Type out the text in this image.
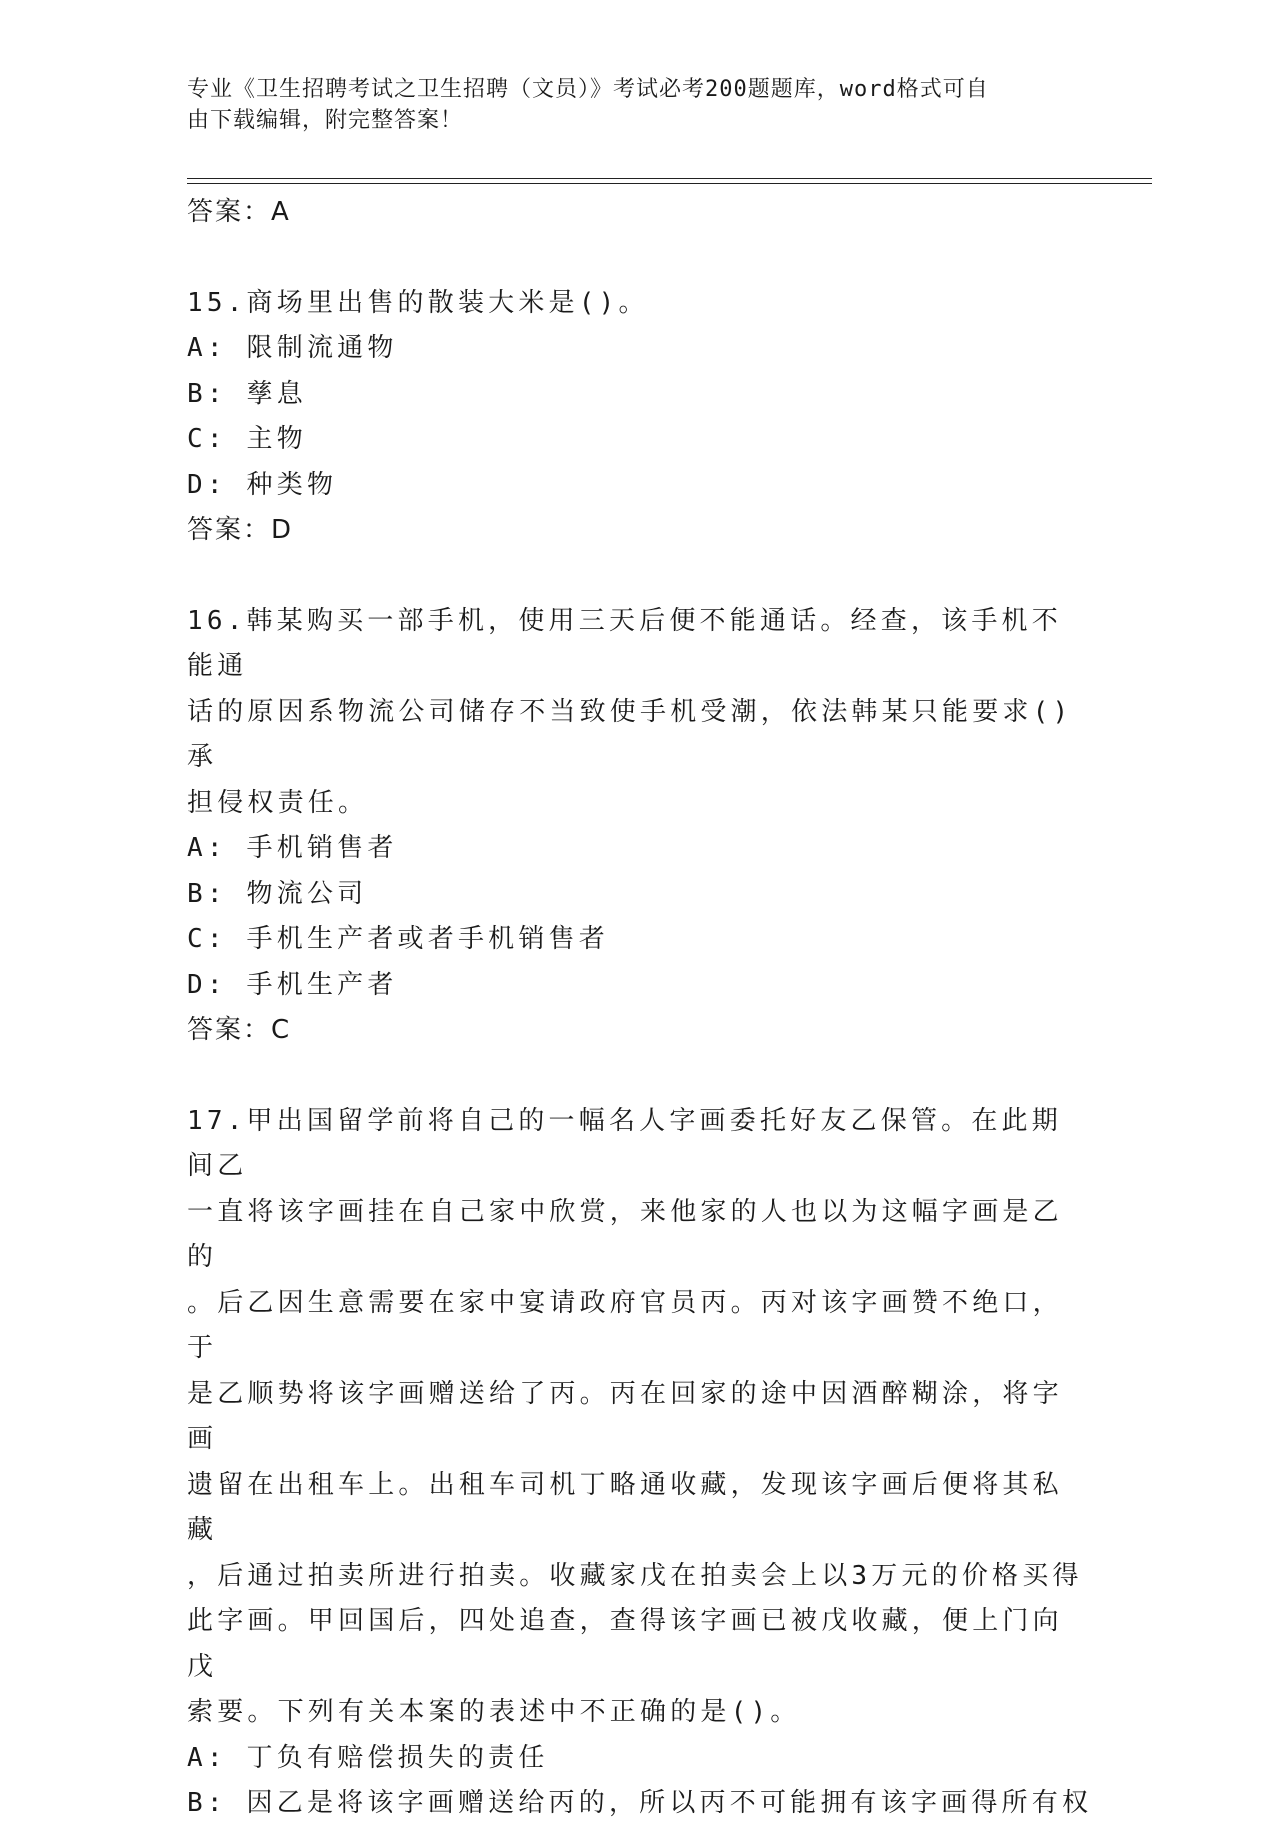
专业《卫生招聘考试之卫生招聘（文员）》考试必考200题题库，word格式可自
由下载编辑，附完整答案！
答案：A
15.商场里出售的散装大米是()。
A: 限制流通物
B: 孳息
C: 主物
D: 种类物
答案：D
16.韩某购买一部手机，使用三天后便不能通话。经查，该手机不能通
话的原因系物流公司储存不当致使手机受潮，依法韩某只能要求()承
担侵权责任。
A: 手机销售者
B: 物流公司
C: 手机生产者或者手机销售者
D: 手机生产者
答案：C
17.甲出国留学前将自己的一幅名人字画委托好友乙保管。在此期间乙
一直将该字画挂在自己家中欣赏，来他家的人也以为这幅字画是乙的
。后乙因生意需要在家中宴请政府官员丙。丙对该字画赞不绝口，于
是乙顺势将该字画赠送给了丙。丙在回家的途中因酒醉糊涂，将字画
遗留在出租车上。出租车司机丁略通收藏，发现该字画后便将其私藏
，后通过拍卖所进行拍卖。收藏家戊在拍卖会上以3万元的价格买得
此字画。甲回国后，四处追查，查得该字画已被戊收藏，便上门向戊
索要。下列有关本案的表述中不正确的是()。
A: 丁负有赔偿损失的责任
B: 因乙是将该字画赠送给丙的，所以丙不可能拥有该字画得所有权
